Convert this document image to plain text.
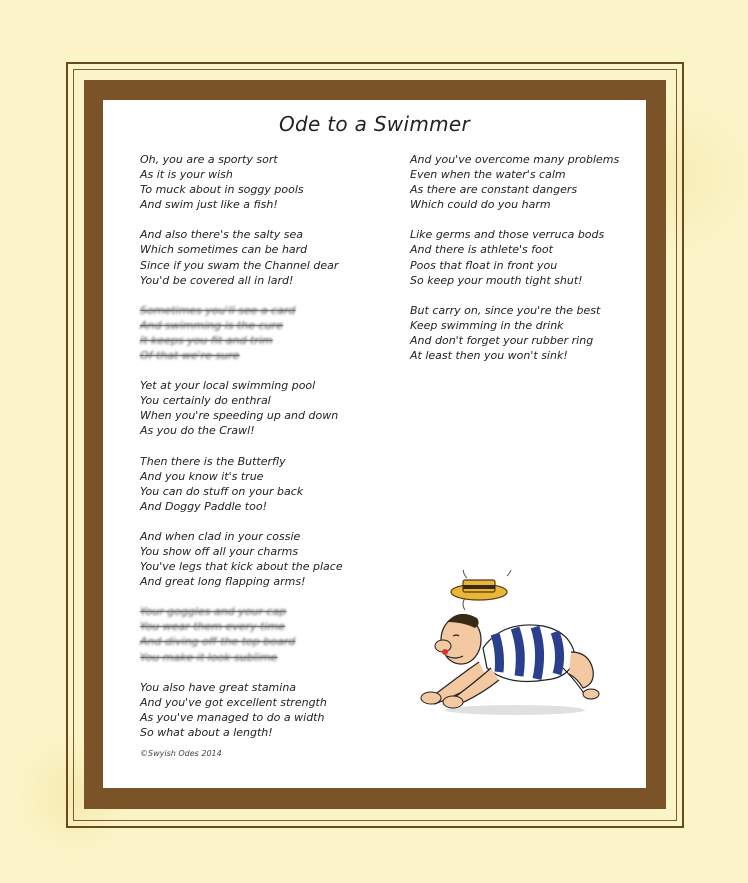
Ode to a Swimmer
Oh, you are a sporty sort
As it is your wish
To muck about in soggy pools
And swim just like a fish!
And also there's the salty sea
Which sometimes can be hard
Since if you swam the Channel dear
You'd be covered all in lard!
Sometimes you'll see a card
And swimming is the cure
It keeps you fit and trim
Of that we're sure
Yet at your local swimming pool
You certainly do enthral
When you're speeding up and down
As you do the Crawl!
Then there is the Butterfly
And you know it's true
You can do stuff on your back
And Doggy Paddle too!
And when clad in your cossie
You show off all your charms
You've legs that kick about the place
And great long flapping arms!
Your goggles and your cap
You wear them every time
And diving off the top board
You make it look sublime
You also have great stamina
And you've got excellent strength
As you've managed to do a width
So what about a length!
And you've overcome many problems
Even when the water's calm
As there are constant dangers
Which could do you harm
Like germs and those verruca bods
And there is athlete's foot
Poos that float in front you
So keep your mouth tight shut!
But carry on, since you're the best
Keep swimming in the drink
And don't forget your rubber ring
At least then you won't sink!
©Swyish Odes 2014
